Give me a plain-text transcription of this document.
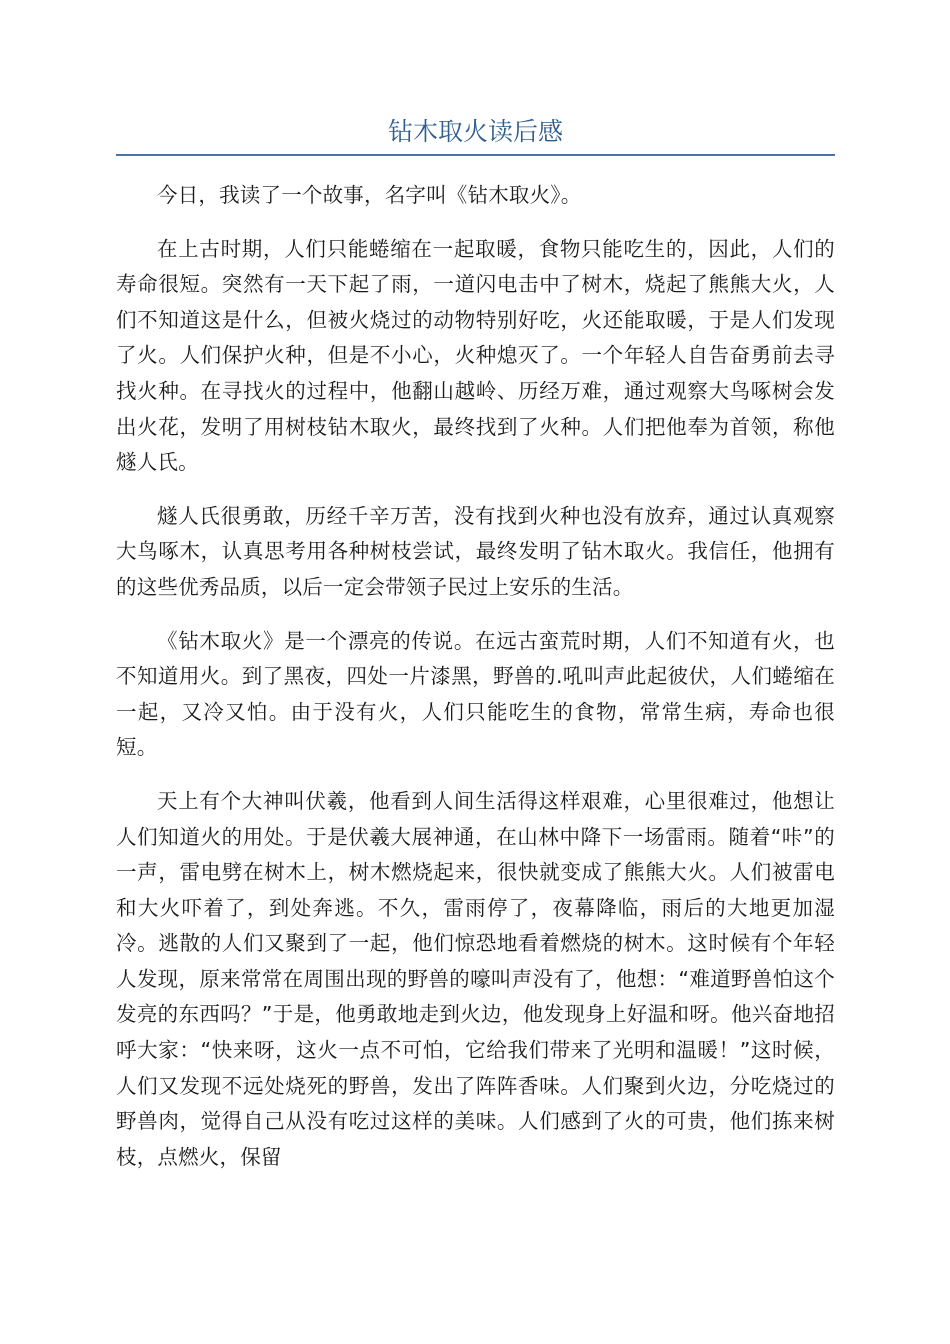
钻木取火读后感

今日，我读了一个故事，名字叫《钻木取火》。

在上古时期，人们只能蜷缩在一起取暖，食物只能吃生的，因此，人们的寿命很短。突然有一天下起了雨，一道闪电击中了树木，烧起了熊熊大火，人们不知道这是什么，但被火烧过的动物特别好吃，火还能取暖，于是人们发现了火。人们保护火种，但是不小心，火种熄灭了。一个年轻人自告奋勇前去寻找火种。在寻找火的过程中，他翻山越岭、历经万难，通过观察大鸟啄树会发出火花，发明了用树枝钻木取火，最终找到了火种。人们把他奉为首领，称他燧人氏。

燧人氏很勇敢，历经千辛万苦，没有找到火种也没有放弃，通过认真观察大鸟啄木，认真思考用各种树枝尝试，最终发明了钻木取火。我信任，他拥有的这些优秀品质，以后一定会带领子民过上安乐的生活。

《钻木取火》是一个漂亮的传说。在远古蛮荒时期，人们不知道有火，也不知道用火。到了黑夜，四处一片漆黑，野兽的.吼叫声此起彼伏，人们蜷缩在一起，又冷又怕。由于没有火，人们只能吃生的食物，常常生病，寿命也很短。

天上有个大神叫伏羲，他看到人间生活得这样艰难，心里很难过，他想让人们知道火的用处。于是伏羲大展神通，在山林中降下一场雷雨。随着“咔”的一声，雷电劈在树木上，树木燃烧起来，很快就变成了熊熊大火。人们被雷电和大火吓着了，到处奔逃。不久，雷雨停了，夜幕降临，雨后的大地更加湿冷。逃散的人们又聚到了一起，他们惊恐地看着燃烧的树木。这时候有个年轻人发现，原来常常在周围出现的野兽的嚎叫声没有了，他想：“难道野兽怕这个发亮的东西吗？”于是，他勇敢地走到火边，他发现身上好温和呀。他兴奋地招呼大家：“快来呀，这火一点不可怕，它给我们带来了光明和温暖！”这时候，人们又发现不远处烧死的野兽，发出了阵阵香味。人们聚到火边，分吃烧过的野兽肉，觉得自己从没有吃过这样的美味。人们感到了火的可贵，他们拣来树枝，点燃火，保留
